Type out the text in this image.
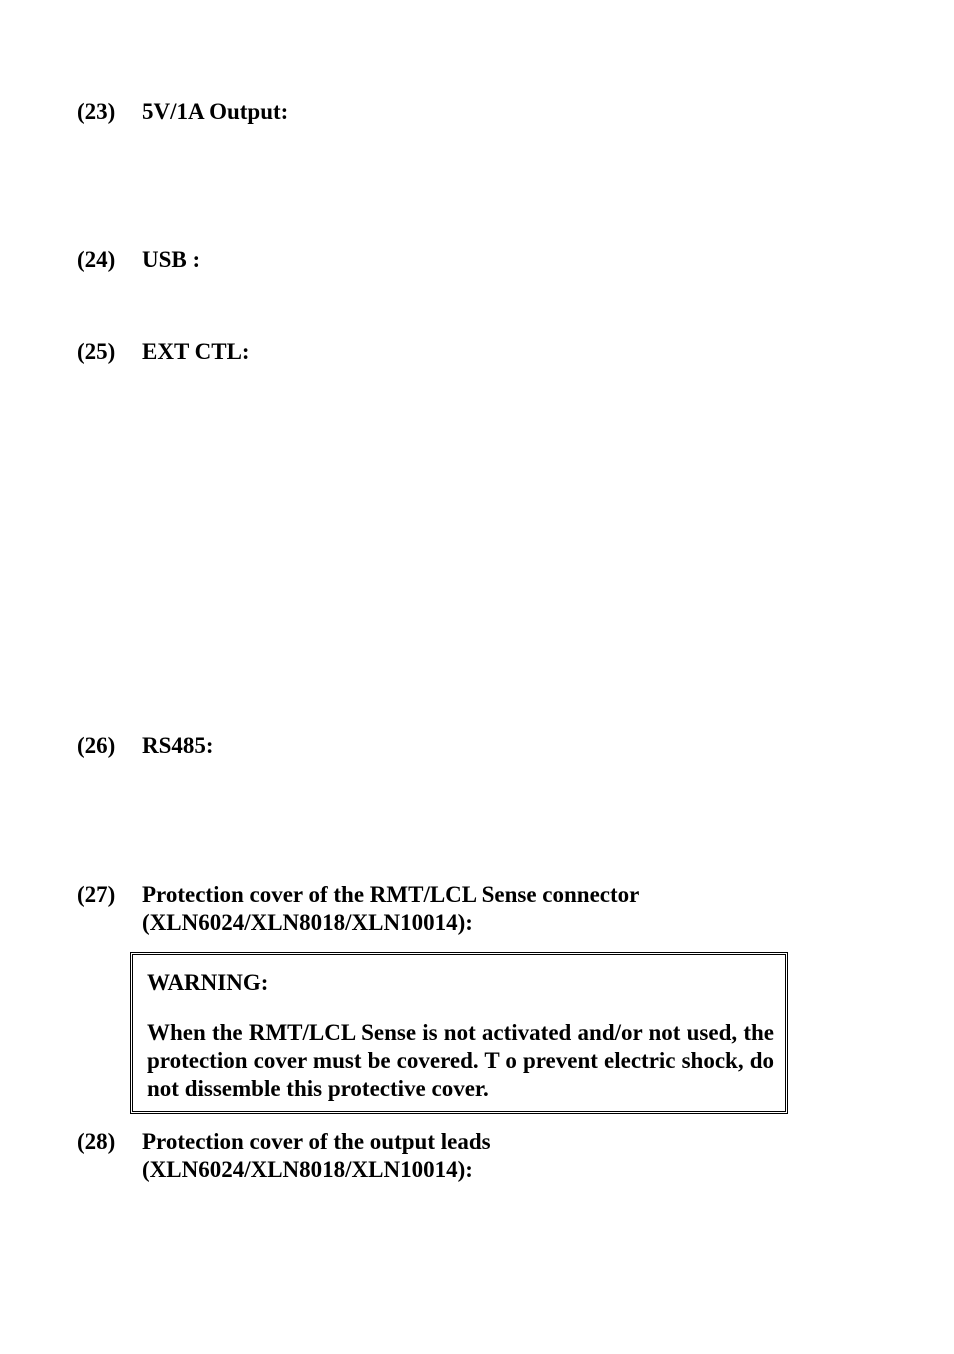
(23) 5V/1A Output:
(24) USB :
(25) EXT CTL:
(26) RS485:
(27) Protection cover of the RMT/LCL Sense connector
(XLN6024/XLN8018/XLN10014):

WARNING:

When the RMT/LCL Sense is not activated and/or not used, the protection cover must be covered. T o prevent electric shock, do not dissemble this protective cover.

(28) Protection cover of the output leads
(XLN6024/XLN8018/XLN10014):
